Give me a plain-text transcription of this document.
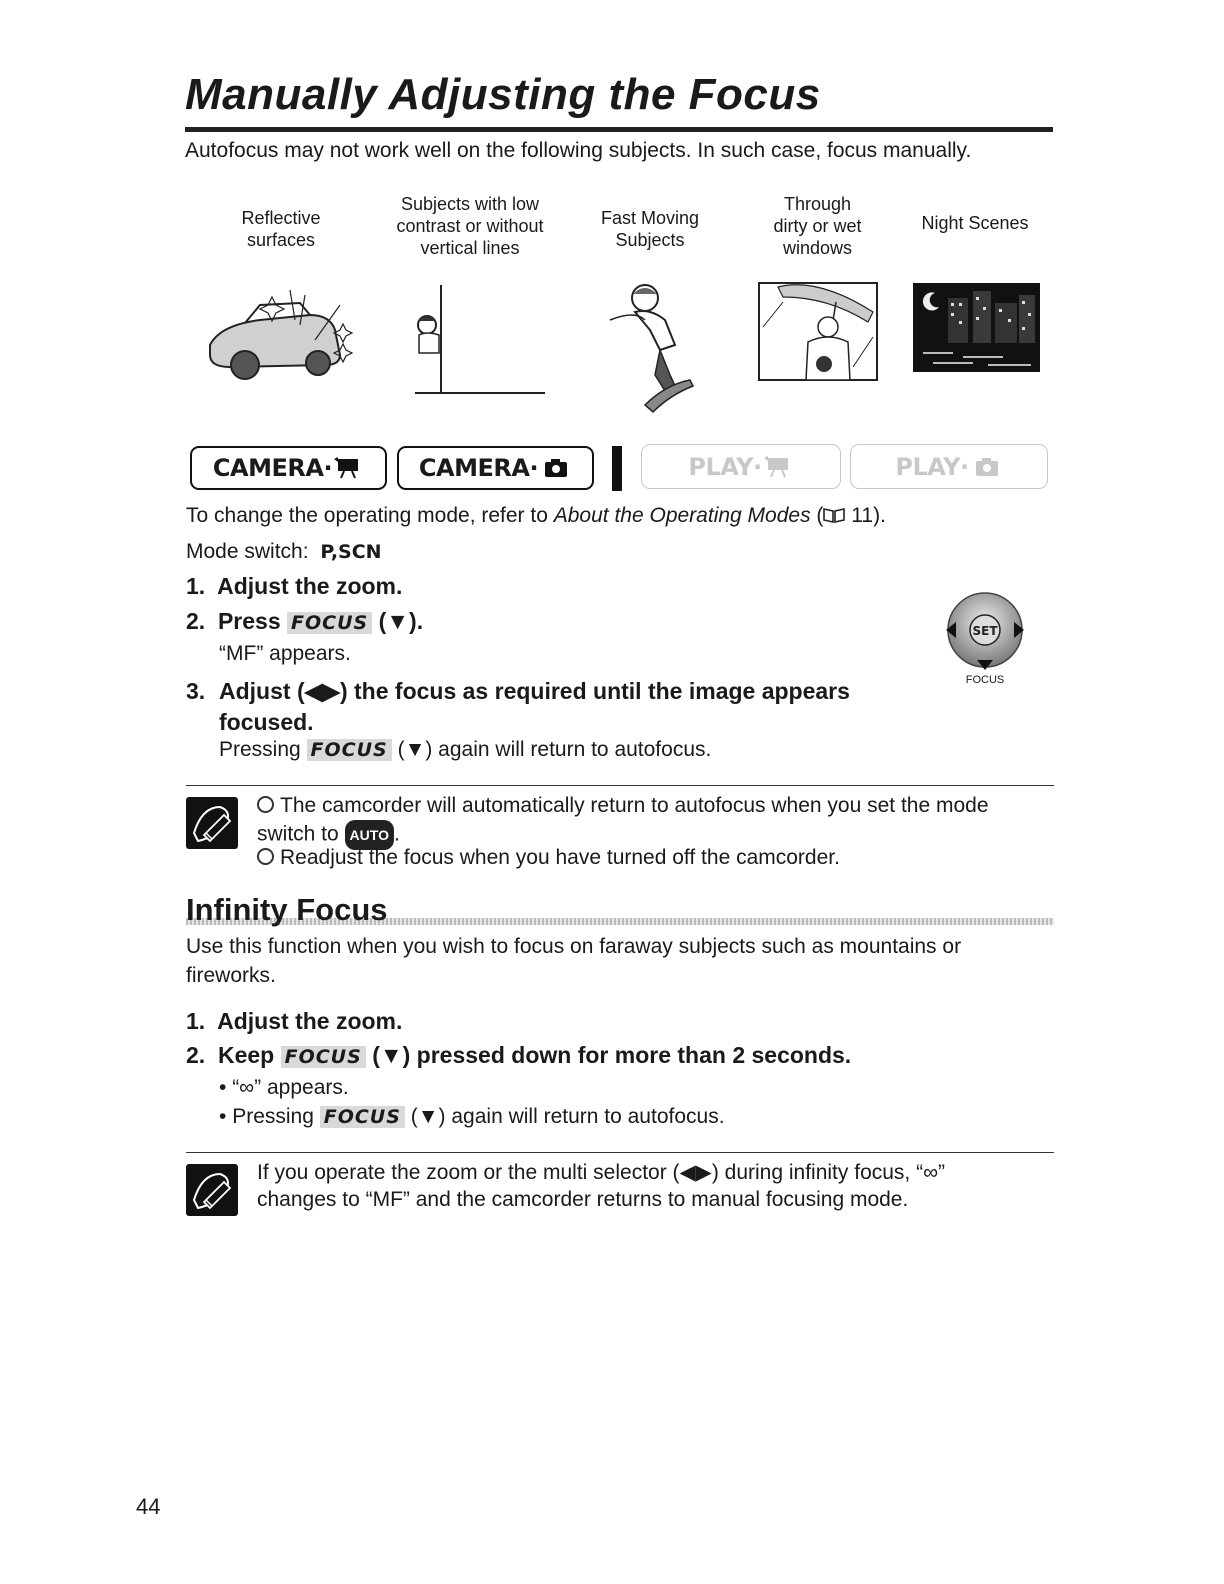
Manually Adjusting the Focus
Autofocus may not work well on the following subjects. In such case, focus manually.
Reflective
surfaces
Subjects with low
contrast or without
vertical lines
Fast Moving
Subjects
Through
dirty or wet
windows
Night Scenes
CAMERA·	CAMERA·	PLAY·	PLAY·
To change the operating mode, refer to About the Operating Modes ( 11).
Mode switch: P,SCN
1. Adjust the zoom.
2. Press FOCUS (▼).
“MF” appears.
3. Adjust (◀▶) the focus as required until the image appears focused.
Pressing FOCUS (▼) again will return to autofocus.
SET
FOCUS
The camcorder will automatically return to autofocus when you set the mode switch to AUTO .
Readjust the focus when you have turned off the camcorder.
Infinity Focus
Use this function when you wish to focus on faraway subjects such as mountains or fireworks.
1. Adjust the zoom.
2. Keep FOCUS (▼) pressed down for more than 2 seconds.
• “∞” appears.
• Pressing FOCUS (▼) again will return to autofocus.
If you operate the zoom or the multi selector (◀▶) during infinity focus, “∞” changes to “MF” and the camcorder returns to manual focusing mode.
44
